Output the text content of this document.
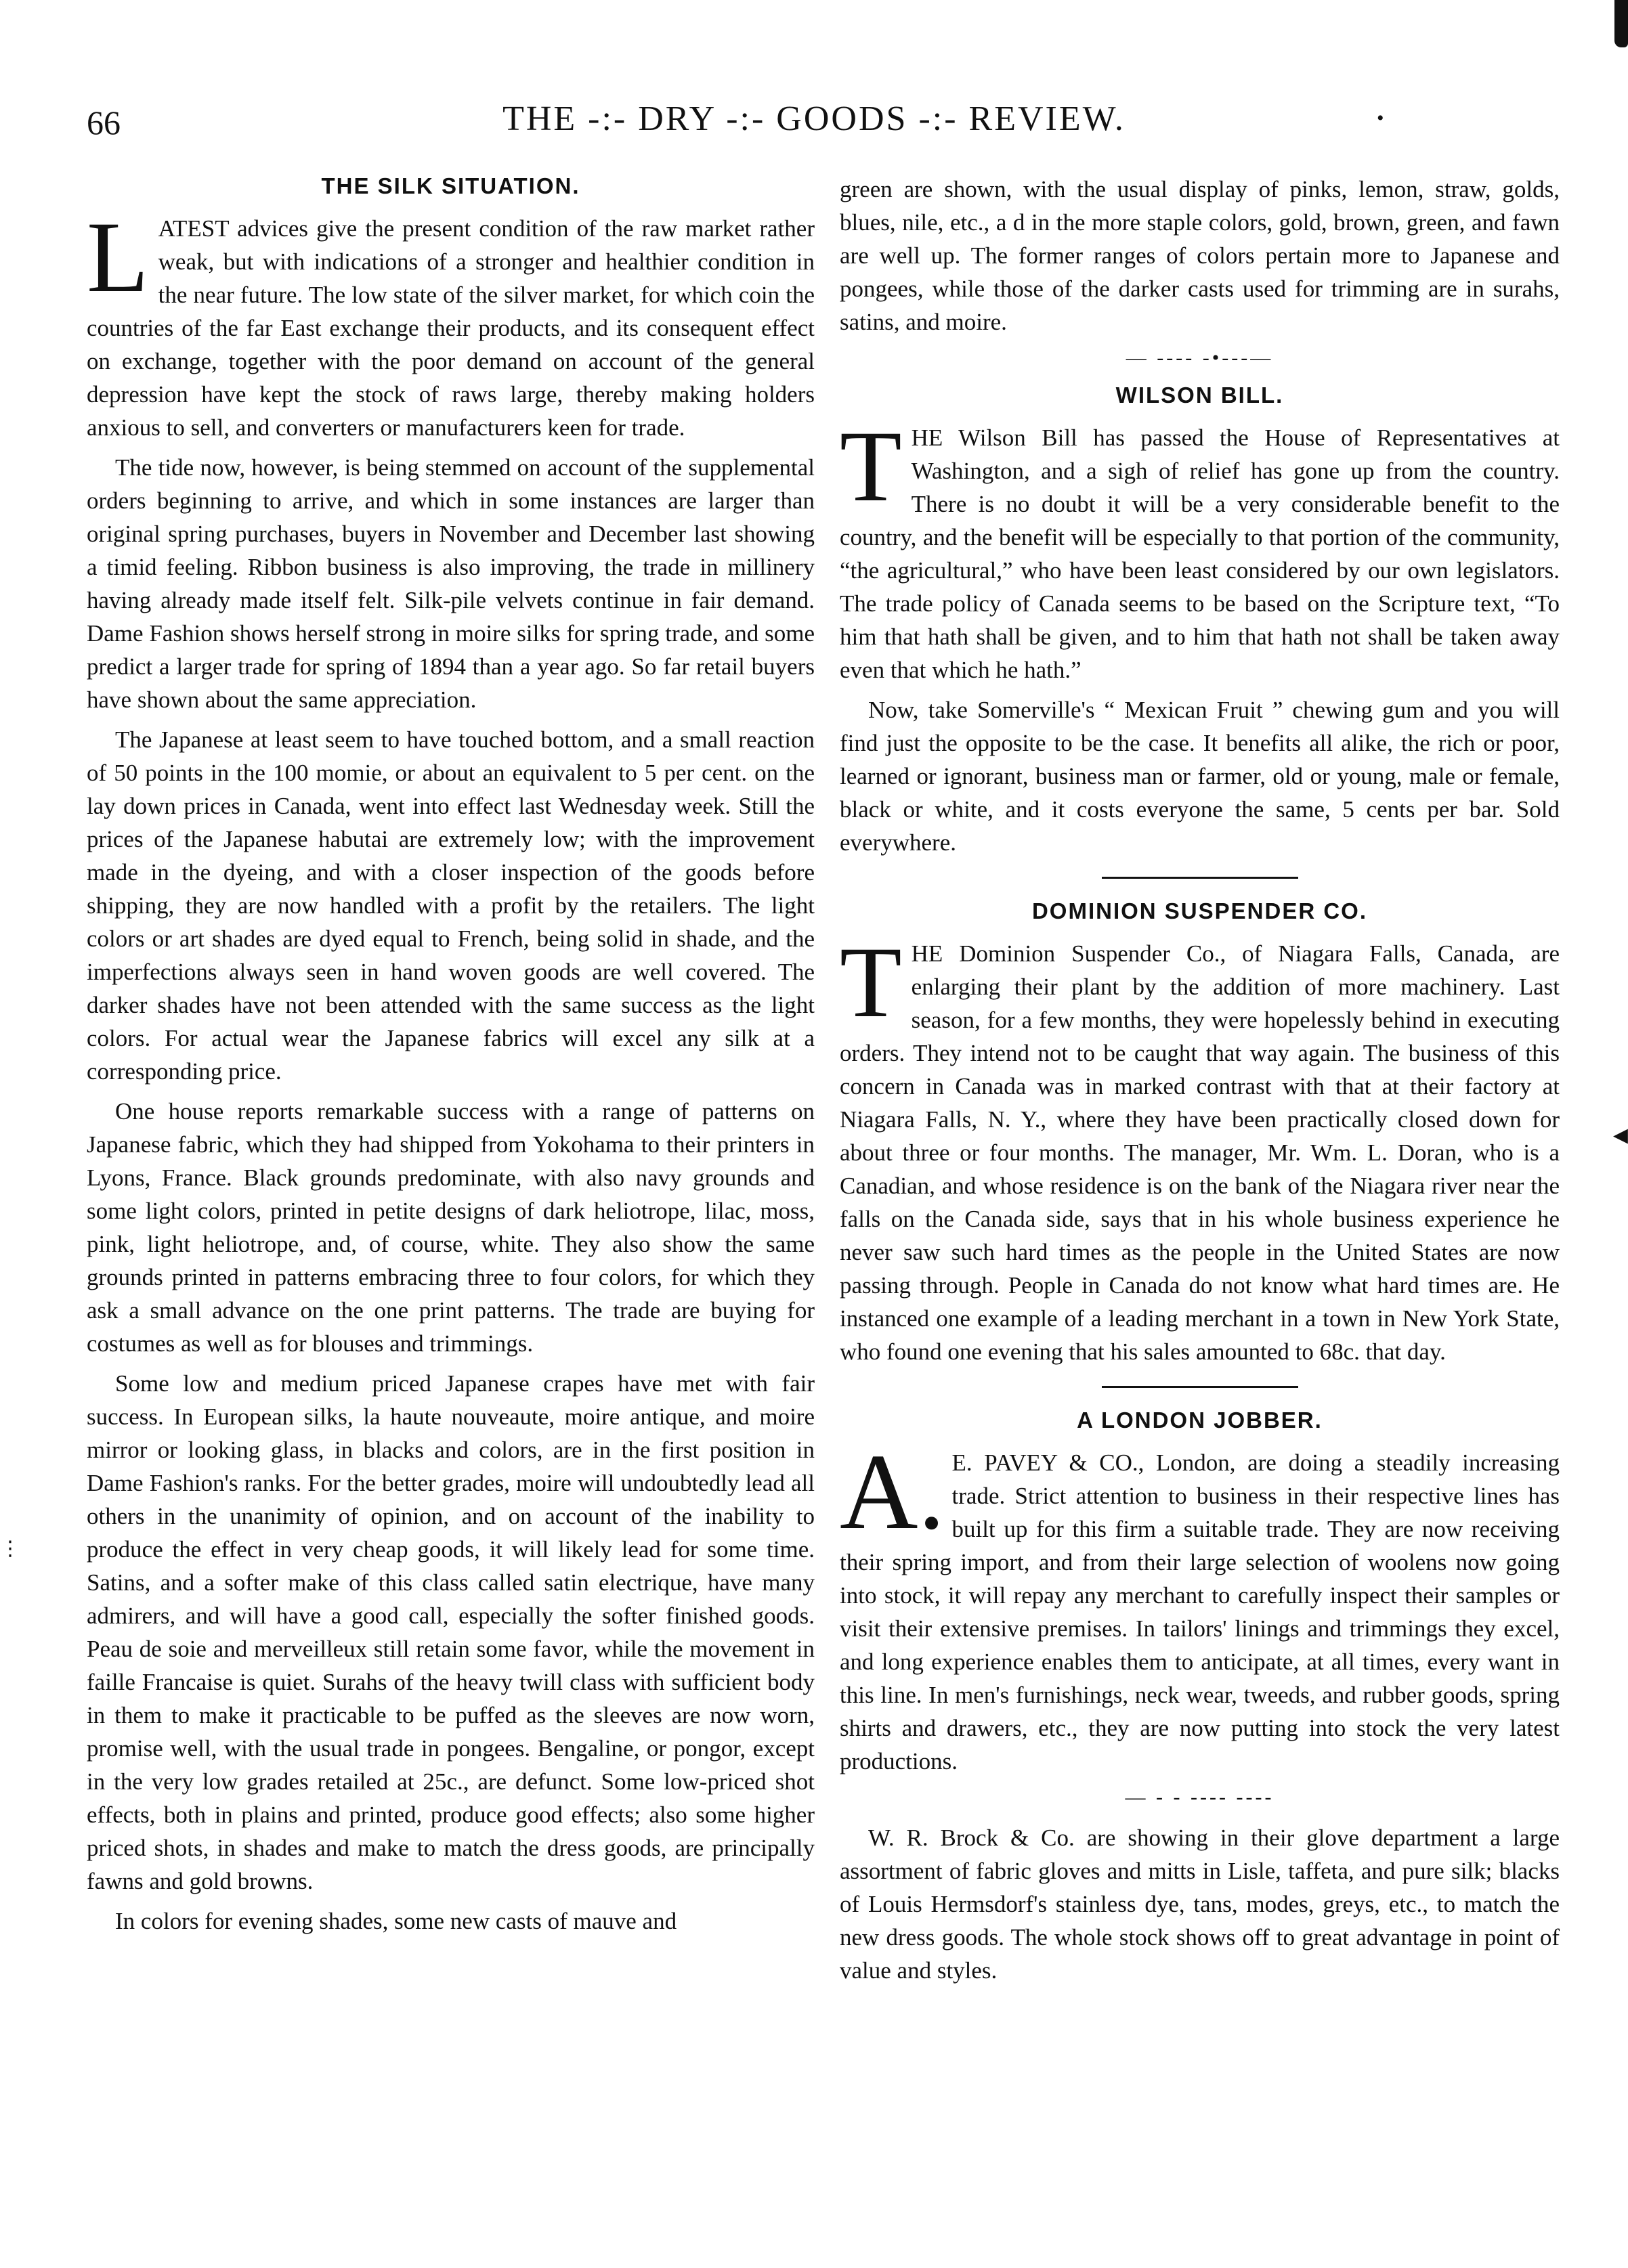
66	THE -:- DRY -:- GOODS -:- REVIEW.	•
◂
⋮
THE SILK SITUATION.

LATEST advices give the present condition of the raw market rather weak, but with indications of a stronger and healthier condition in the near future. The low state of the silver market, for which coin the countries of the far East exchange their products, and its consequent effect on exchange, together with the poor demand on account of the general depression have kept the stock of raws large, thereby making holders anxious to sell, and converters or manufacturers keen for trade.

The tide now, however, is being stemmed on account of the supplemental orders beginning to arrive, and which in some instances are larger than original spring purchases, buyers in November and December last showing a timid feeling. Ribbon business is also improving, the trade in millinery having already made itself felt. Silk-pile velvets continue in fair demand. Dame Fashion shows herself strong in moire silks for spring trade, and some predict a larger trade for spring of 1894 than a year ago. So far retail buyers have shown about the same appreciation.

The Japanese at least seem to have touched bottom, and a small reaction of 50 points in the 100 momie, or about an equivalent to 5 per cent. on the lay down prices in Canada, went into effect last Wednesday week. Still the prices of the Japanese habutai are extremely low; with the improvement made in the dyeing, and with a closer inspection of the goods before shipping, they are now handled with a profit by the retailers. The light colors or art shades are dyed equal to French, being solid in shade, and the imperfections always seen in hand woven goods are well covered. The darker shades have not been attended with the same success as the light colors. For actual wear the Japanese fabrics will excel any silk at a corresponding price.

One house reports remarkable success with a range of patterns on Japanese fabric, which they had shipped from Yokohama to their printers in Lyons, France. Black grounds predominate, with also navy grounds and some light colors, printed in petite designs of dark heliotrope, lilac, moss, pink, light heliotrope, and, of course, white. They also show the same grounds printed in patterns embracing three to four colors, for which they ask a small advance on the one print patterns. The trade are buying for costumes as well as for blouses and trimmings.

Some low and medium priced Japanese crapes have met with fair success. In European silks, la haute nouveaute, moire antique, and moire mirror or looking glass, in blacks and colors, are in the first position in Dame Fashion's ranks. For the better grades, moire will undoubtedly lead all others in the unanimity of opinion, and on account of the inability to produce the effect in very cheap goods, it will likely lead for some time. Satins, and a softer make of this class called satin electrique, have many admirers, and will have a good call, especially the softer finished goods. Peau de soie and merveilleux still retain some favor, while the movement in faille Francaise is quiet. Surahs of the heavy twill class with sufficient body in them to make it practicable to be puffed as the sleeves are now worn, promise well, with the usual trade in pongees. Bengaline, or pongor, except in the very low grades retailed at 25c., are defunct. Some low-priced shot effects, both in plains and printed, produce good effects; also some higher priced shots, in shades and make to match the dress goods, are principally fawns and gold browns.

In colors for evening shades, some new casts of mauve and

green are shown, with the usual display of pinks, lemon, straw, golds, blues, nile, etc., a d in the more staple colors, gold, brown, green, and fawn are well up. The former ranges of colors pertain more to Japanese and pongees, while those of the darker casts used for trimming are in surahs, satins, and moire.

— ---- -•---—
WILSON BILL.

THE Wilson Bill has passed the House of Representatives at Washington, and a sigh of relief has gone up from the country. There is no doubt it will be a very considerable benefit to the country, and the benefit will be especially to that portion of the community, “the agricultural,” who have been least considered by our own legislators. The trade policy of Canada seems to be based on the Scripture text, “To him that hath shall be given, and to him that hath not shall be taken away even that which he hath.”

Now, take Somerville's “ Mexican Fruit ” chewing gum and you will find just the opposite to be the case. It benefits all alike, the rich or poor, learned or ignorant, business man or farmer, old or young, male or female, black or white, and it costs everyone the same, 5 cents per bar. Sold everywhere.

DOMINION SUSPENDER CO.

THE Dominion Suspender Co., of Niagara Falls, Canada, are enlarging their plant by the addition of more machinery. Last season, for a few months, they were hopelessly behind in executing orders. They intend not to be caught that way again. The business of this concern in Canada was in marked contrast with that at their factory at Niagara Falls, N. Y., where they have been practically closed down for about three or four months. The manager, Mr. Wm. L. Doran, who is a Canadian, and whose residence is on the bank of the Niagara river near the falls on the Canada side, says that in his whole business experience he never saw such hard times as the people in the United States are now passing through. People in Canada do not know what hard times are. He instanced one example of a leading merchant in a town in New York State, who found one evening that his sales amounted to 68c. that day.

A LONDON JOBBER.

A. E. PAVEY & CO., London, are doing a steadily increasing trade. Strict attention to business in their respective lines has built up for this firm a suitable trade. They are now receiving their spring import, and from their large selection of woolens now going into stock, it will repay any merchant to carefully inspect their samples or visit their extensive premises. In tailors' linings and trimmings they excel, and long experience enables them to anticipate, at all times, every want in this line. In men's furnishings, neck wear, tweeds, and rubber goods, spring shirts and drawers, etc., they are now putting into stock the very latest productions.

— - - ---- ----

W. R. Brock & Co. are showing in their glove department a large assortment of fabric gloves and mitts in Lisle, taffeta, and pure silk; blacks of Louis Hermsdorf's stainless dye, tans, modes, greys, etc., to match the new dress goods. The whole stock shows off to great advantage in point of value and styles.
